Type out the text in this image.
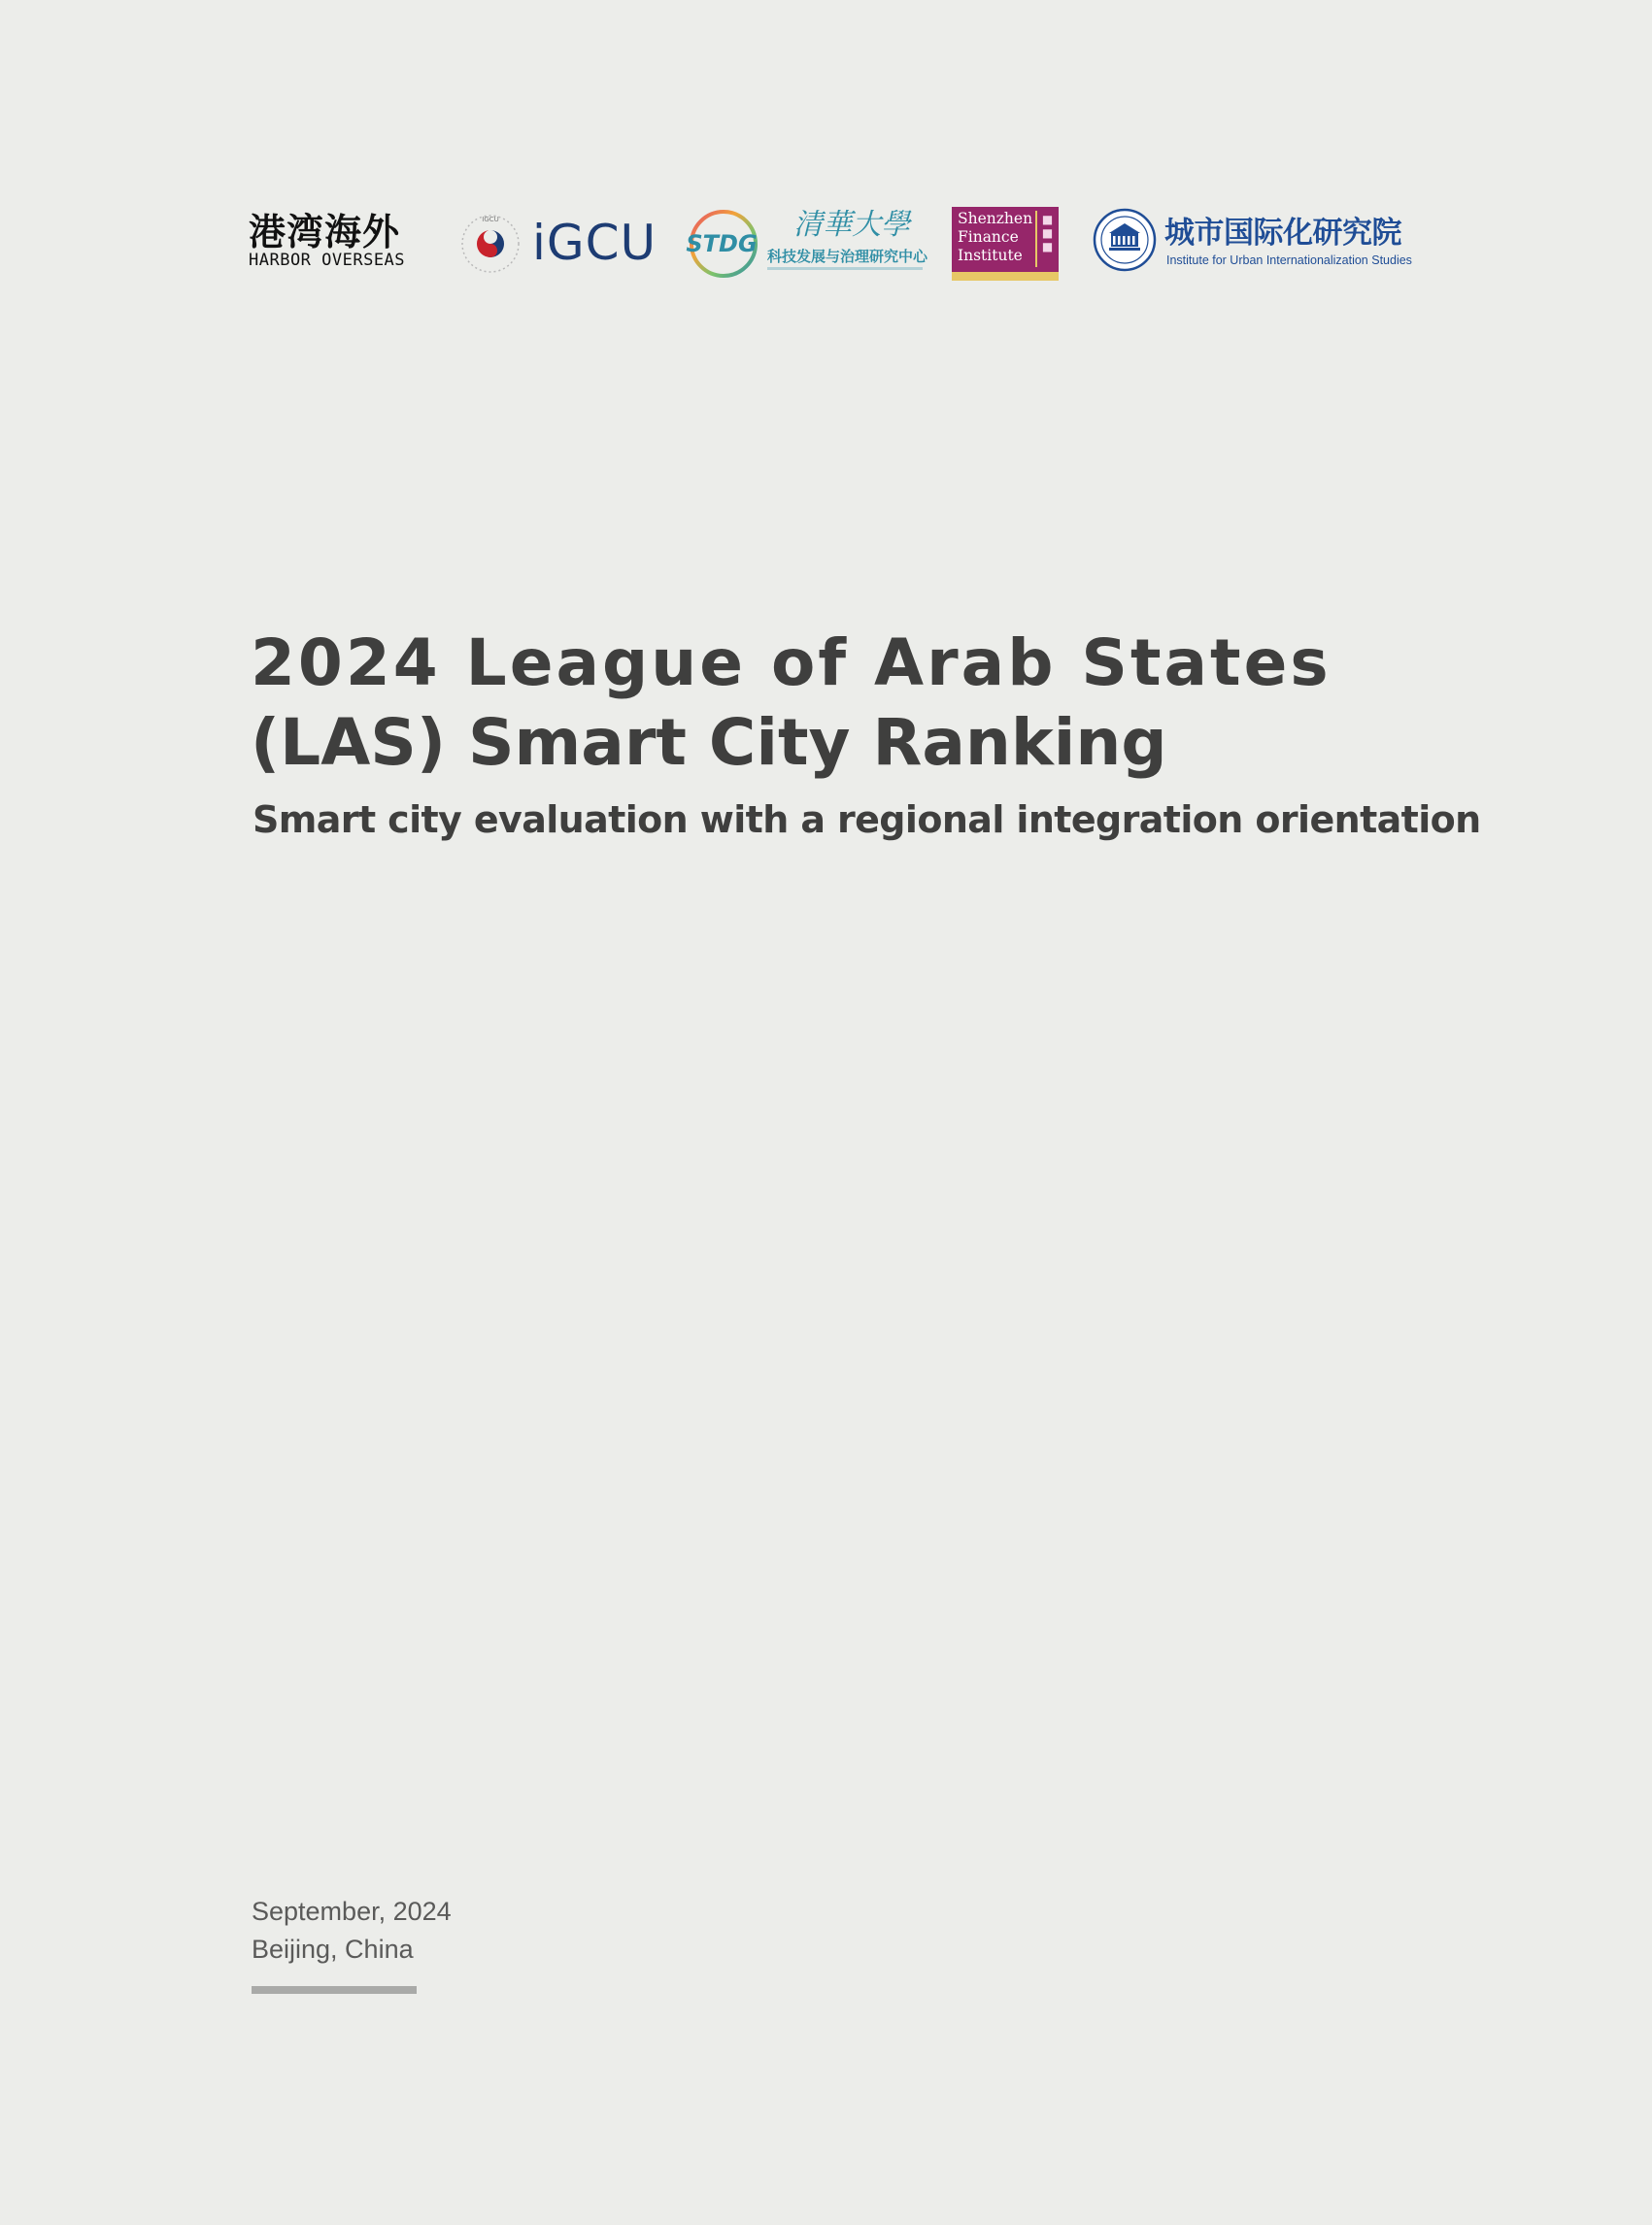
港湾海外
HARBOR OVERSEAS
IGCU iGCU STDG
清華大學
科技发展与治理研究中心
Shenzhen
Finance
Institute
■
■
■	城市国际化研究院
Institute for Urban Internationalization Studies
2024 League of Arab States
(LAS) Smart City Ranking
Smart city evaluation with a regional integration orientation
September, 2024
Beijing, China
